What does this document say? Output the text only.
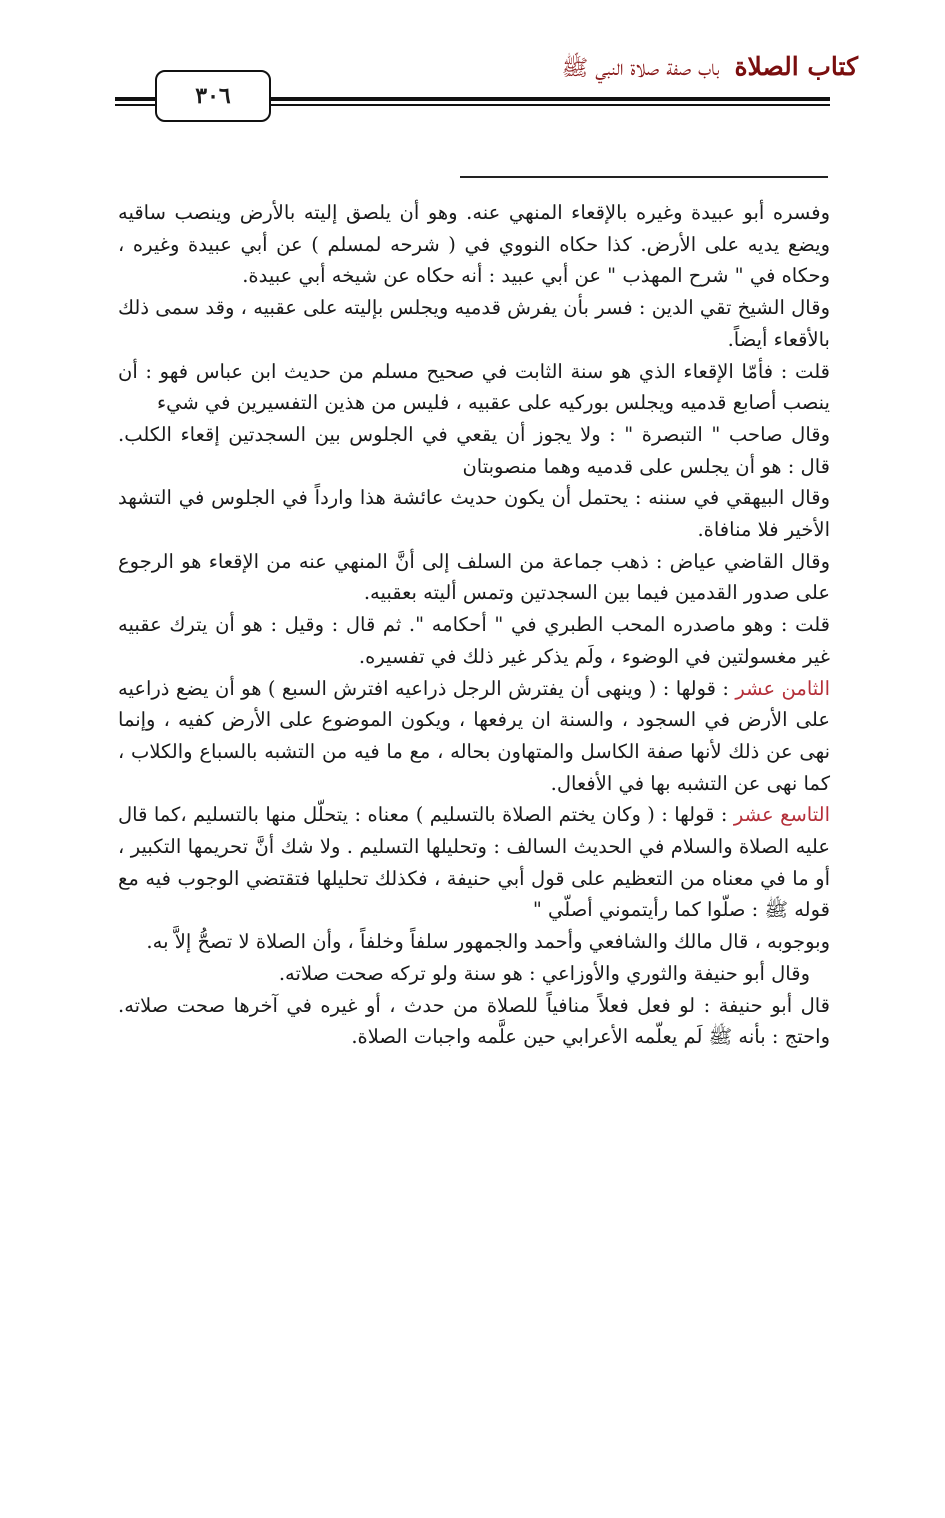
كتاب الصلاة باب صفة صلاة النبي ﷺ
٣٠٦

وفسره أبو عبيدة وغيره بالإقعاء المنهي عنه. وهو أن يلصق إليته بالأرض وينصب ساقيه ويضع يديه على الأرض. كذا حكاه النووي في ( شرحه لمسلم ) عن أبي عبيدة وغيره ، وحكاه في " شرح المهذب " عن أبي عبيد : أنه حكاه عن شيخه أبي عبيدة.

وقال الشيخ تقي الدين : فسر بأن يفرش قدميه ويجلس بإليته على عقبيه ، وقد سمى ذلك بالأقعاء أيضاً.

قلت : فأمّا الإقعاء الذي هو سنة الثابت في صحيح مسلم من حديث ابن عباس فهو : أن ينصب أصابع قدميه ويجلس بوركيه على عقبيه ، فليس من هذين التفسيرين في شيء

وقال صاحب " التبصرة " : ولا يجوز أن يقعي في الجلوس بين السجدتين إقعاء الكلب. قال : هو أن يجلس على قدميه وهما منصوبتان

وقال البيهقي في سننه : يحتمل أن يكون حديث عائشة هذا وارداً في الجلوس في التشهد الأخير فلا منافاة.

وقال القاضي عياض : ذهب جماعة من السلف إلى أنَّ المنهي عنه من الإقعاء هو الرجوع على صدور القدمين فيما بين السجدتين وتمس أليته بعقبيه.

قلت : وهو ماصدره المحب الطبري في " أحكامه ". ثم قال : وقيل : هو أن يترك عقبيه غير مغسولتين في الوضوء ، ولَم يذكر غير ذلك في تفسيره.

الثامن عشر : قولها : ( وينهى أن يفترش الرجل ذراعيه افترش السبع ) هو أن يضع ذراعيه على الأرض في السجود ، والسنة ان يرفعها ، ويكون الموضوع على الأرض كفيه ، وإنما نهى عن ذلك لأنها صفة الكاسل والمتهاون بحاله ، مع ما فيه من التشبه بالسباع والكلاب ، كما نهى عن التشبه بها في الأفعال.

التاسع عشر : قولها : ( وكان يختم الصلاة بالتسليم ) معناه : يتحلّل منها بالتسليم ،كما قال عليه الصلاة والسلام في الحديث السالف : وتحليلها التسليم . ولا شك أنَّ تحريمها التكبير ، أو ما في معناه من التعظيم على قول أبي حنيفة ، فكذلك تحليلها فتقتضي الوجوب فيه مع قوله ﷺ : صلّوا كما رأيتموني أصلّي "

وبوجوبه ، قال مالك والشافعي وأحمد والجمهور سلفاً وخلفاً ، وأن الصلاة لا تصحُّ إلاَّ به.

وقال أبو حنيفة والثوري والأوزاعي : هو سنة ولو تركه صحت صلاته.

قال أبو حنيفة : لو فعل فعلاً منافياً للصلاة من حدث ، أو غيره في آخرها صحت صلاته. واحتج : بأنه ﷺ لَم يعلّمه الأعرابي حين علَّمه واجبات الصلاة.
